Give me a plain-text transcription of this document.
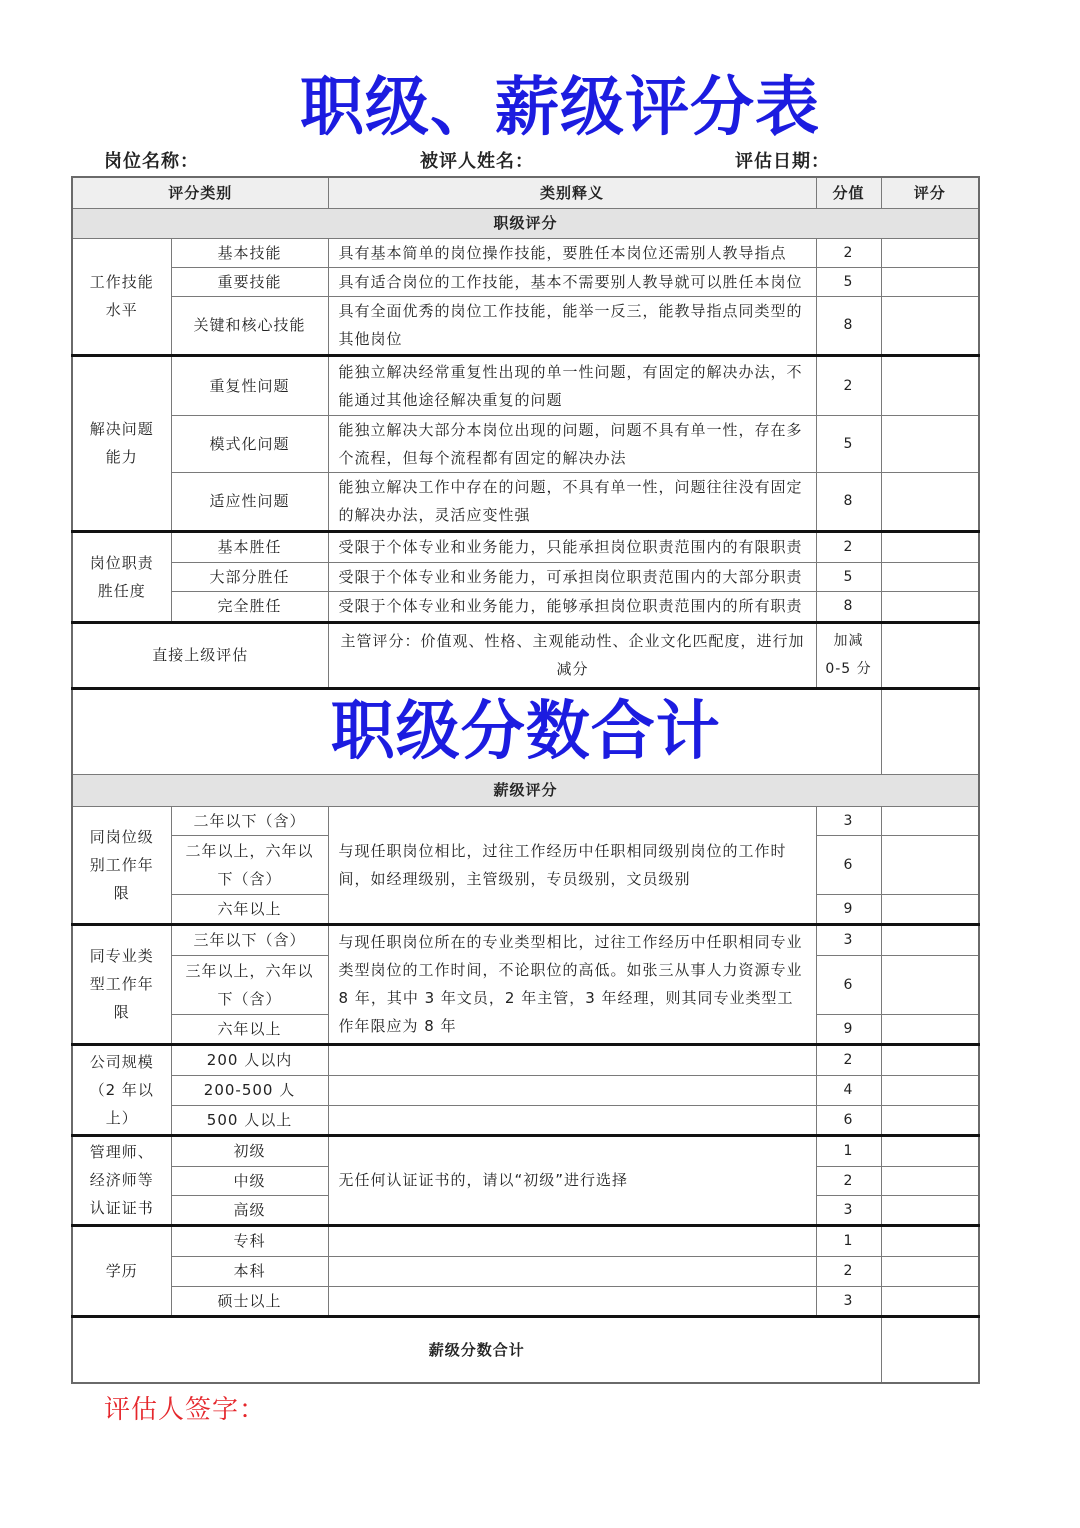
职级、薪级评分表
岗位名称：	被评人姓名：	评估日期：
评分类别		类别释义	分值	评分
职级评分				
工作技能水平	基本技能	具有基本简单的岗位操作技能，要胜任本岗位还需别人教导指点	2	
	重要技能	具有适合岗位的工作技能，基本不需要别人教导就可以胜任本岗位	5	
	关键和核心技能	具有全面优秀的岗位工作技能，能举一反三，能教导指点同类型的其他岗位	8	
解决问题能力	重复性问题	能独立解决经常重复性出现的单一性问题，有固定的解决办法，不能通过其他途径解决重复的问题	2	
	模式化问题	能独立解决大部分本岗位出现的问题，问题不具有单一性，存在多个流程，但每个流程都有固定的解决办法	5	
	适应性问题	能独立解决工作中存在的问题，不具有单一性，问题往往没有固定的解决办法，灵活应变性强	8	
岗位职责胜任度	基本胜任	受限于个体专业和业务能力，只能承担岗位职责范围内的有限职责	2	
	大部分胜任	受限于个体专业和业务能力，可承担岗位职责范围内的大部分职责	5	
	完全胜任	受限于个体专业和业务能力，能够承担岗位职责范围内的所有职责	8	
直接上级评估		主管评分：价值观、性格、主观能动性、企业文化匹配度，进行加减分	加减
0-5 分	

职级分数合计				
薪级评分				
同岗位级别工作年限	二年以下（含）	与现任职岗位相比，过往工作经历中任职相同级别岗位的工作时间，如经理级别，主管级别，专员级别，文员级别	3	
	二年以上，六年以下（含）		6	
	六年以上		9	
同专业类型工作年限	三年以下（含）	与现任职岗位所在的专业类型相比，过往工作经历中任职相同专业类型岗位的工作时间，不论职位的高低。如张三从事人力资源专业 8 年，其中 3 年文员，2 年主管，3 年经理，则其同专业类型工作年限应为 8 年	3	
	三年以上，六年以下（含）		6	
	六年以上		9	
公司规模（2 年以上）	200 人以内		2	
	200-500 人		4	
	500 人以上		6	
管理师、经济师等认证证书	初级	无任何认证证书的，请以“初级”进行选择	1	
	中级		2	
	高级		3	
学历	专科		1	
	本科		2	
	硕士以上		3	
薪级分数合计				
评估人签字：
